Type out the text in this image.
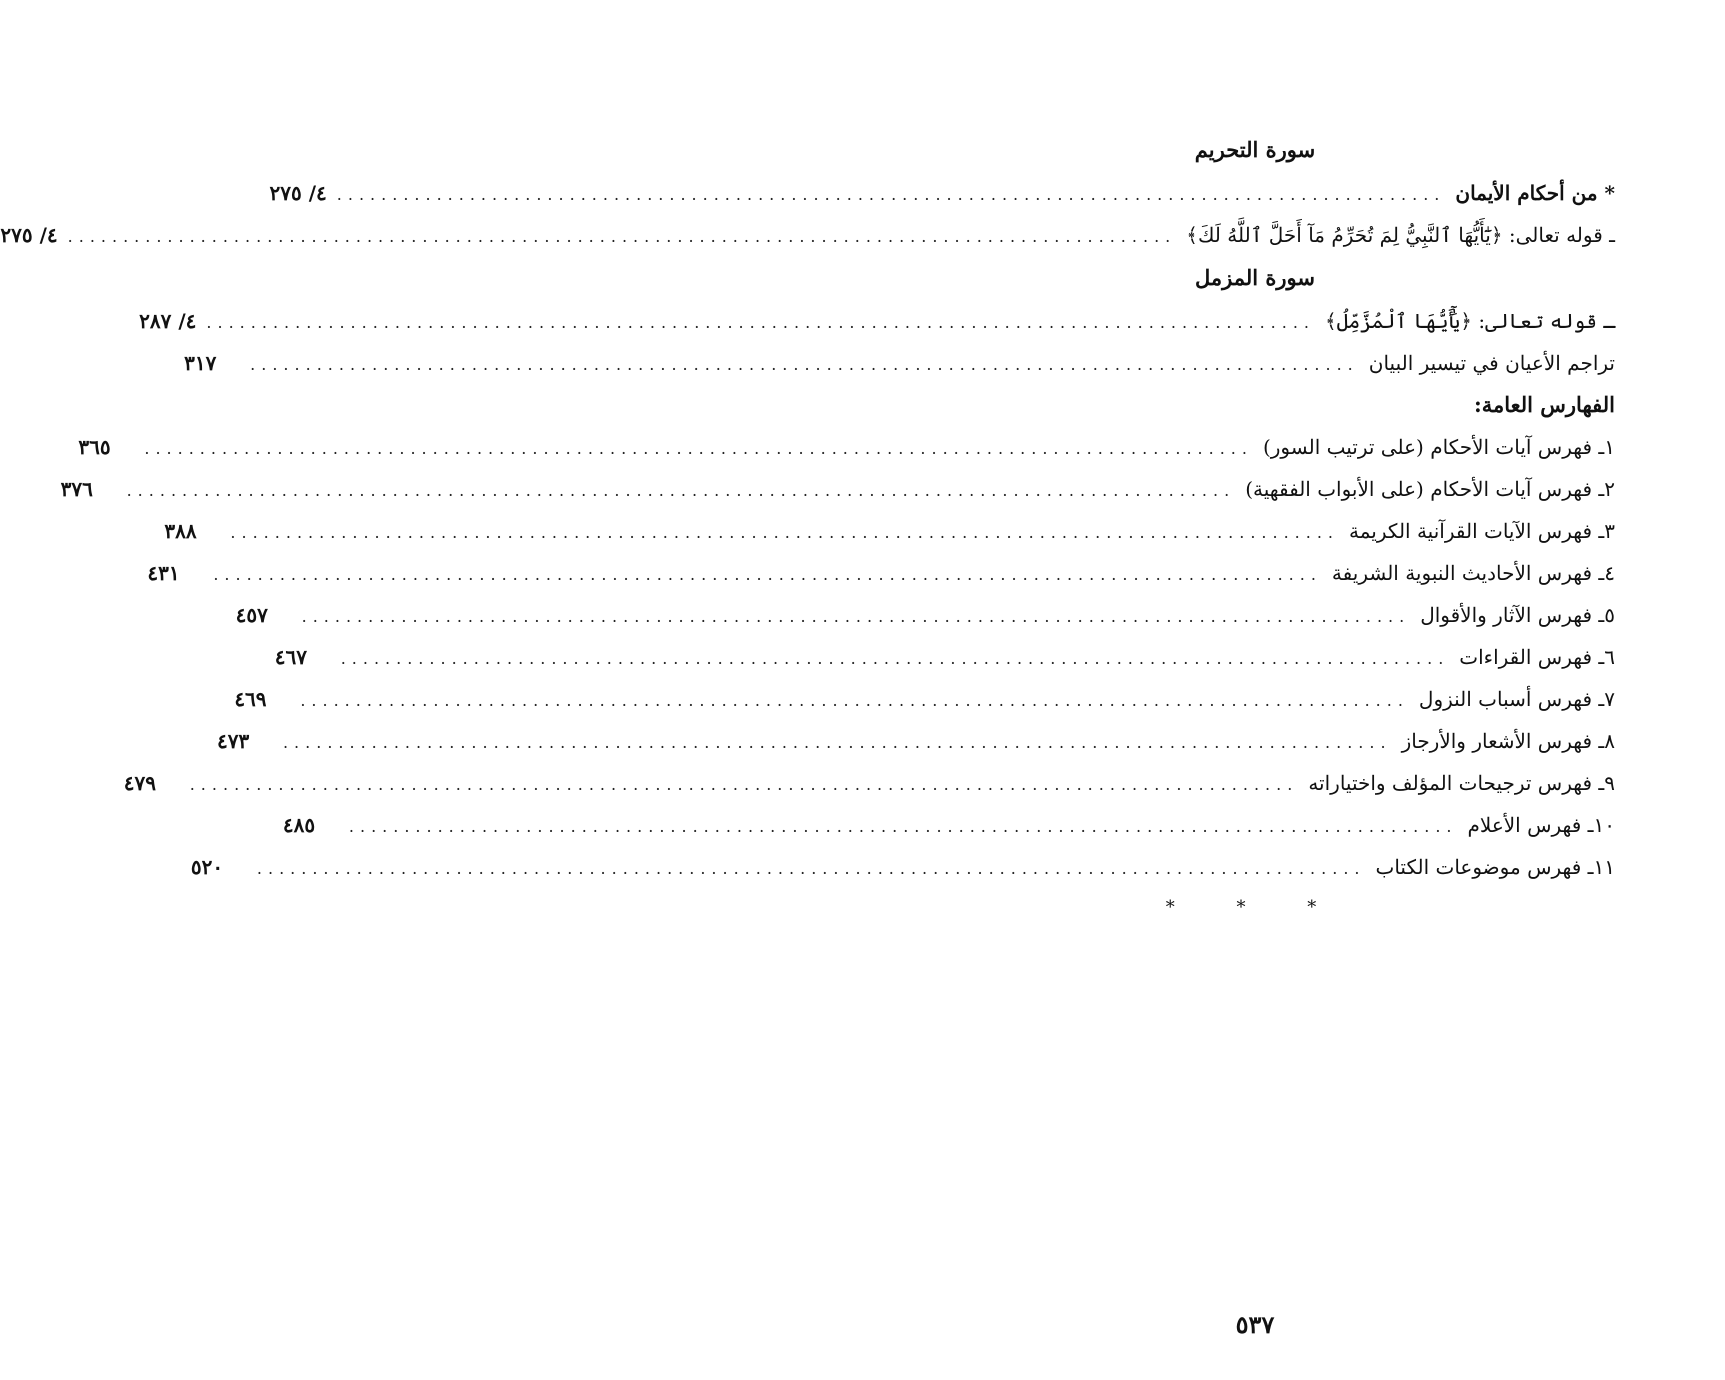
سورة التحريم
* من أحكام الأيمان
....................................................................................................
٤/ ٢٧٥
ـ قوله تعالى: ﴿يَٰٓأَيُّهَا ٱلنَّبِيُّ لِمَ تُحَرِّمُ مَآ أَحَلَّ ٱللَّهُ لَكَ﴾
....................................................................................................
٤/ ٢٧٥
سورة المزمل
ـ قوله تعالى: ﴿يَٰٓأَيُّهَا ٱلْمُزَّمِّلُ﴾
....................................................................................................
٤/ ٢٨٧
تراجم الأعيان في تيسير البيان
....................................................................................................
٣١٧
الفهارس العامة:
١ـ فهرس آيات الأحكام (على ترتيب السور)
....................................................................................................
٣٦٥
٢ـ فهرس آيات الأحكام (على الأبواب الفقهية)
....................................................................................................
٣٧٦
٣ـ فهرس الآيات القرآنية الكريمة
....................................................................................................
٣٨٨
٤ـ فهرس الأحاديث النبوية الشريفة
....................................................................................................
٤٣١
٥ـ فهرس الآثار والأقوال
....................................................................................................
٤٥٧
٦ـ فهرس القراءات
....................................................................................................
٤٦٧
٧ـ فهرس أسباب النزول
....................................................................................................
٤٦٩
٨ـ فهرس الأشعار والأرجاز
....................................................................................................
٤٧٣
٩ـ فهرس ترجيحات المؤلف واختياراته
....................................................................................................
٤٧٩
١٠ـ فهرس الأعلام
....................................................................................................
٤٨٥
١١ـ فهرس موضوعات الكتاب
....................................................................................................
٥٢٠
* * *
٥٣٧
